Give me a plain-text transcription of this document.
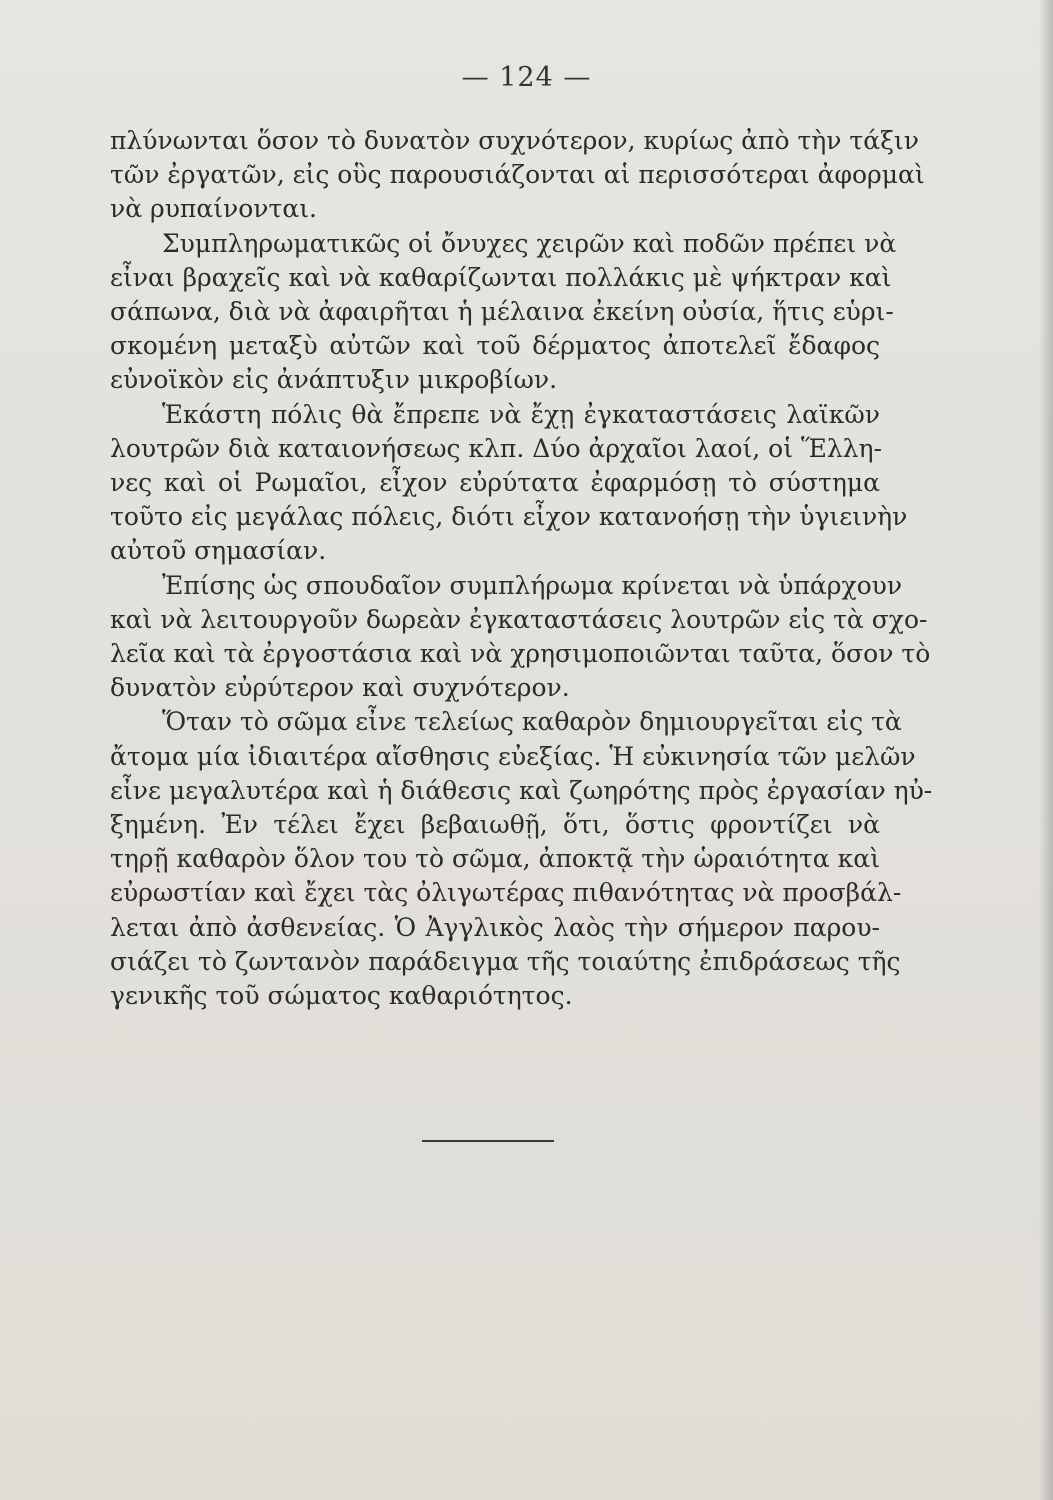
— 124 —
πλύνωνται ὅσον τὸ δυνατὸν συχνότερον, κυρίως ἀπὸ τὴν τάξιν
τῶν ἐργατῶν, εἰς οὓς παρουσιάζονται αἱ περισσότεραι ἀφορμαὶ
νὰ ρυπαίνονται.
Συμπληρωματικῶς οἱ ὄνυχες χειρῶν καὶ ποδῶν πρέπει νὰ
εἶναι βραχεῖς καὶ νὰ καθαρίζωνται πολλάκις μὲ ψήκτραν καὶ
σάπωνα, διὰ νὰ ἀφαιρῆται ἡ μέλαινα ἐκείνη οὐσία, ἥτις εὑρι-
σκομένη μεταξὺ αὐτῶν καὶ τοῦ δέρματος ἀποτελεῖ ἔδαφος
εὐνοϊκὸν εἰς ἀνάπτυξιν μικροβίων.
Ἑκάστη πόλις θὰ ἔπρεπε νὰ ἔχῃ ἐγκαταστάσεις λαϊκῶν
λουτρῶν διὰ καταιονήσεως κλπ. Δύο ἀρχαῖοι λαοί, οἱ Ἕλλη-
νες καὶ οἱ Ρωμαῖοι, εἶχον εὐρύτατα ἐφαρμόσῃ τὸ σύστημα
τοῦτο εἰς μεγάλας πόλεις, διότι εἶχον κατανοήσῃ τὴν ὑγιεινὴν
αὐτοῦ σημασίαν.
Ἐπίσης ὡς σπουδαῖον συμπλήρωμα κρίνεται νὰ ὑπάρχουν
καὶ νὰ λειτουργοῦν δωρεὰν ἐγκαταστάσεις λουτρῶν εἰς τὰ σχο-
λεῖα καὶ τὰ ἐργοστάσια καὶ νὰ χρησιμοποιῶνται ταῦτα, ὅσον τὸ
δυνατὸν εὐρύτερον καὶ συχνότερον.
Ὅταν τὸ σῶμα εἶνε τελείως καθαρὸν δημιουργεῖται εἰς τὰ
ἄτομα μία ἰδιαιτέρα αἴσθησις εὐεξίας. Ἡ εὐκινησία τῶν μελῶν
εἶνε μεγαλυτέρα καὶ ἡ διάθεσις καὶ ζωηρότης πρὸς ἐργασίαν ηὐ-
ξημένη. Ἐν τέλει ἔχει βεβαιωθῇ, ὅτι, ὅστις φροντίζει νὰ
τηρῇ καθαρὸν ὅλον του τὸ σῶμα, ἀποκτᾷ τὴν ὡραιότητα καὶ
εὐρωστίαν καὶ ἔχει τὰς ὀλιγωτέρας πιθανότητας νὰ προσβάλ-
λεται ἀπὸ ἀσθενείας. Ὁ Ἀγγλικὸς λαὸς τὴν σήμερον παρου-
σιάζει τὸ ζωντανὸν παράδειγμα τῆς τοιαύτης ἐπιδράσεως τῆς
γενικῆς τοῦ σώματος καθαριότητος.
